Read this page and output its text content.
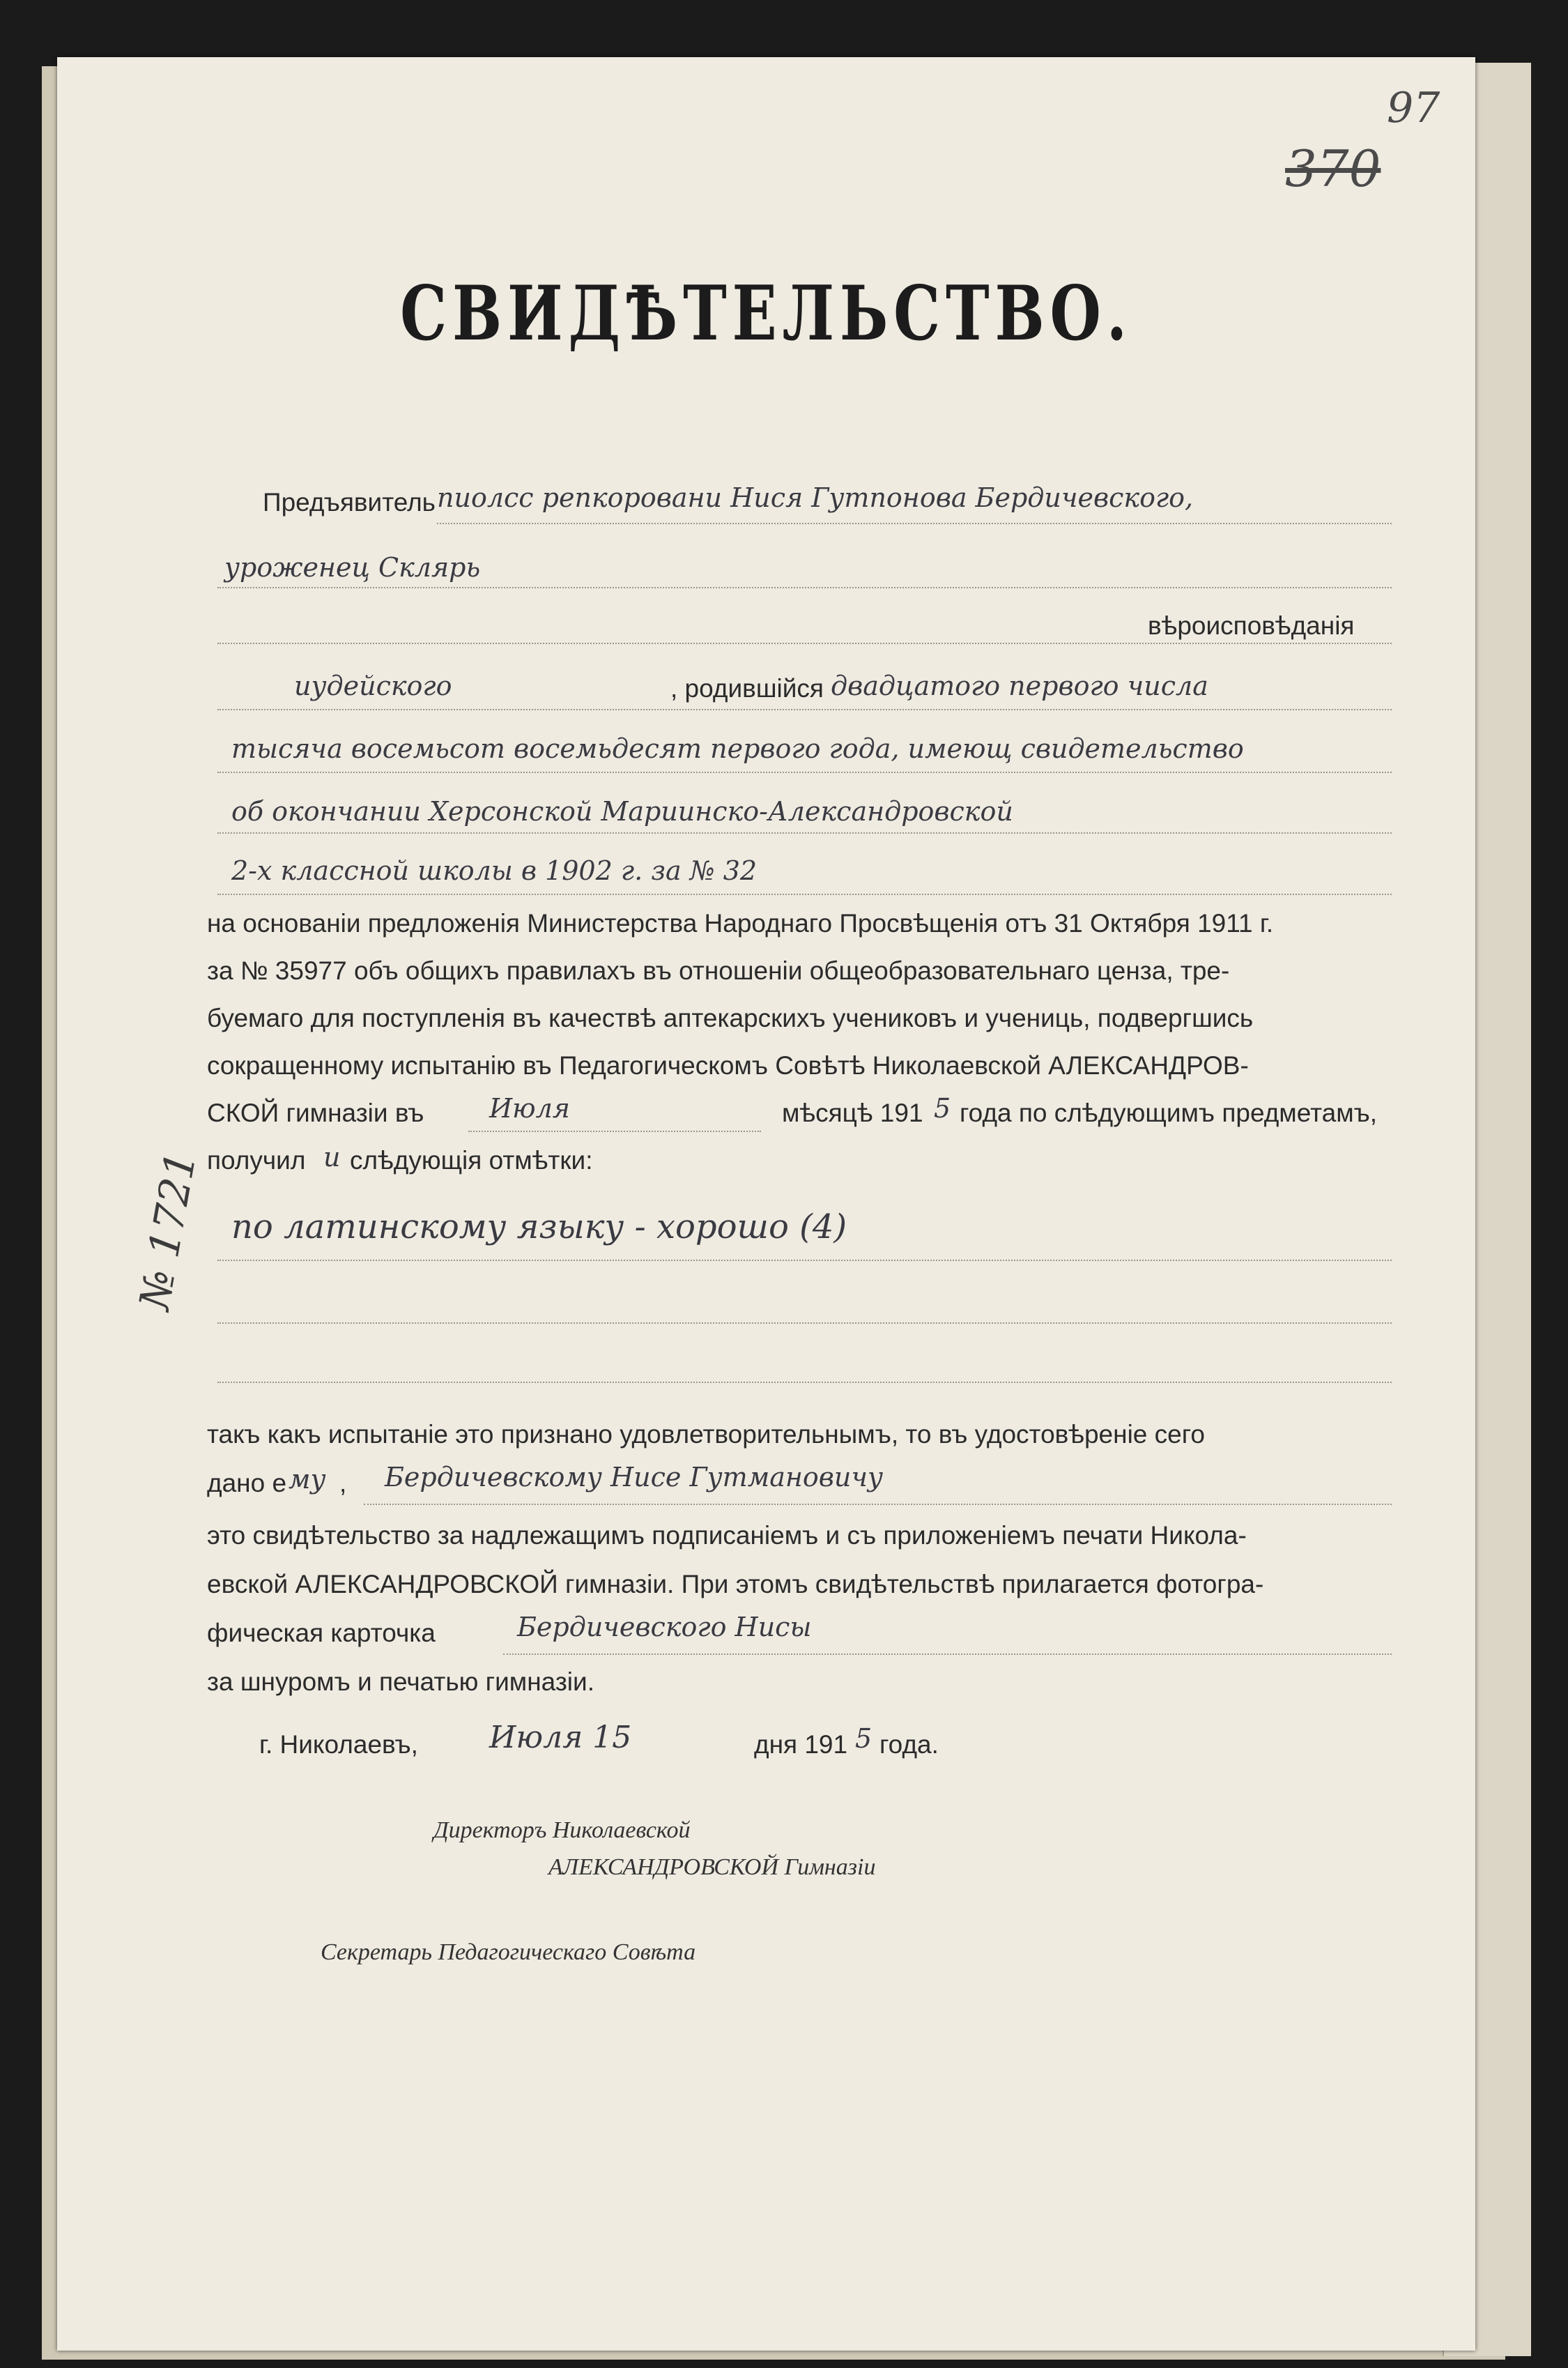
97
370
СВИДѢТЕЛЬСТВО.
Предъявитель пиолсс репкоровани Нися Гутпонова Бердичевского,
уроженец Склярь
вѣроисповѣданія
иудейского	, родившійся двадцатого первого числа
тысяча восемьсот восемьдесят первого года, имеющ свидетельство
об окончании Херсонской Мариинско-Александровской
2-х классной школы в 1902 г. за № 32
на основаніи предложенія Министерства Народнаго Просвѣщенія отъ 31 Октября 1911 г.
за № 35977 объ общихъ правилахъ въ отношеніи общеобразовательнаго ценза, тре-
буемаго для поступленія въ качествѣ аптекарскихъ учениковъ и учениць, подвергшись
сокращенному испытанію въ Педагогическомъ Совѣтѣ Николаевской АЛЕКСАНДРОВ-
СКОЙ гимназіи въ Июля	мѣсяцѣ 191 5 года по слѣдующимъ предметамъ,
получил и слѣдующія отмѣтки:
по латинскому языку - хорошо (4)
такъ какъ испытаніе это признано удовлетворительнымъ, то въ удостовѣреніе сего
дано е му , Бердичевскому Нисе Гутмановичу
это свидѣтельство за надлежащимъ подписаніемъ и съ приложеніемъ печати Никола-
евской АЛЕКСАНДРОВСКОЙ гимназіи. При этомъ свидѣтельствѣ прилагается фотогра-
фическая карточка	Бердичевского Нисы
за шнуромъ и печатью гимназіи.
г. Николаевъ, Июля 15	дня 191 5 года.
Директоръ Николаевской
АЛЕКСАНДРОВСКОЙ Гимназіи
Секретарь Педагогическаго Совѣта
№ 1721
